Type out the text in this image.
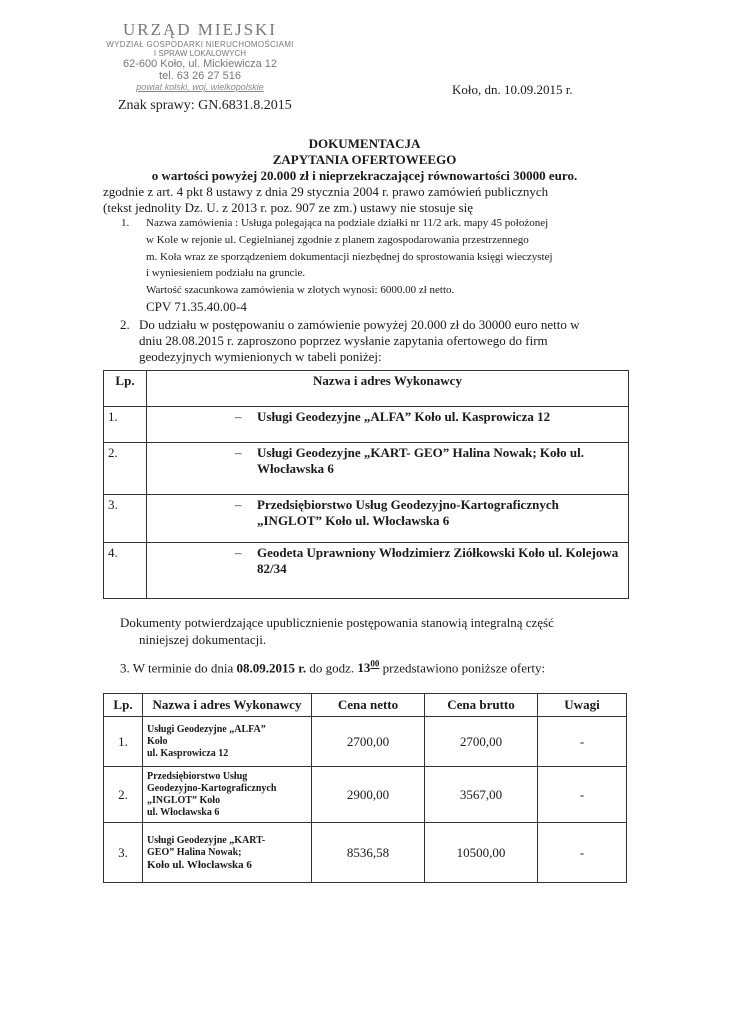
URZĄD MIEJSKI
WYDZIAŁ GOSPODARKI NIERUCHOMOŚCIAMI
I SPRAW LOKALOWYCH
62-600 Koło, ul. Mickiewicza 12
tel. 63 26 27 516
powiat kolski, woj. wielkopolskie
Znak sprawy: GN.6831.8.2015
Koło, dn. 10.09.2015 r.
DOKUMENTACJA
ZAPYTANIA OFERTOWEEGO
o wartości powyżej 20.000 zł i nieprzekraczającej równowartości 30000 euro.
zgodnie z art. 4 pkt 8 ustawy z dnia 29 stycznia 2004 r. prawo zamówień publicznych
(tekst jednolity Dz. U. z 2013 r. poz. 907 ze zm.) ustawy nie stosuje się
1. Nazwa zamówienia : Usługa polegająca na podziale działki nr 11/2 ark. mapy 45 położonej
w Kole w rejonie ul. Cegielnianej zgodnie z planem zagospodarowania przestrzennego
m. Koła wraz ze sporządzeniem dokumentacji niezbędnej do sprostowania księgi wieczystej
i wyniesieniem podziału na gruncie.
Wartość szacunkowa zamówienia w złotych wynosi: 6000.00 zł netto.
CPV 71.35.40.00-4
2. Do udziału w postępowaniu o zamówienie powyżej 20.000 zł do 30000 euro netto w
dniu 28.08.2015 r. zaproszono poprzez wysłanie zapytania ofertowego do firm
geodezyjnych wymienionych w tabeli poniżej:
Lp.	Nazwa i adres Wykonawcy
1.	– Usługi Geodezyjne „ALFA” Koło ul. Kasprowicza 12

2.	– Usługi Geodezyjne „KART- GEO” Halina Nowak; Koło ul. Włocławska 6

3.	– Przedsiębiorstwo Usług Geodezyjno-Kartograficznych „INGLOT” Koło ul. Włocławska 6

4.	– Geodeta Uprawniony Włodzimierz Ziółkowski Koło ul. Kolejowa 82/34
Dokumenty potwierdzające upublicznienie postępowania stanowią integralną część
niniejszej dokumentacji.
3. W terminie do dnia 08.09.2015 r. do godz. $13^{00}$ przedstawiono poniższe oferty:
Lp.	Nazwa i adres Wykonawcy	Cena netto	Cena brutto	Uwagi
1.	Usługi Geodezyjne „ALFA”
Koło
ul. Kasprowicza 12	2700,00	2700,00	-
2.	Przedsiębiorstwo Usług
Geodezyjno-Kartograficznych
„INGLOT” Koło
ul. Włocławska 6	2900,00	3567,00	-
3.	Usługi Geodezyjne „KART-
GEO” Halina Nowak;
Koło ul. Włocławska 6	8536,58	10500,00	-
